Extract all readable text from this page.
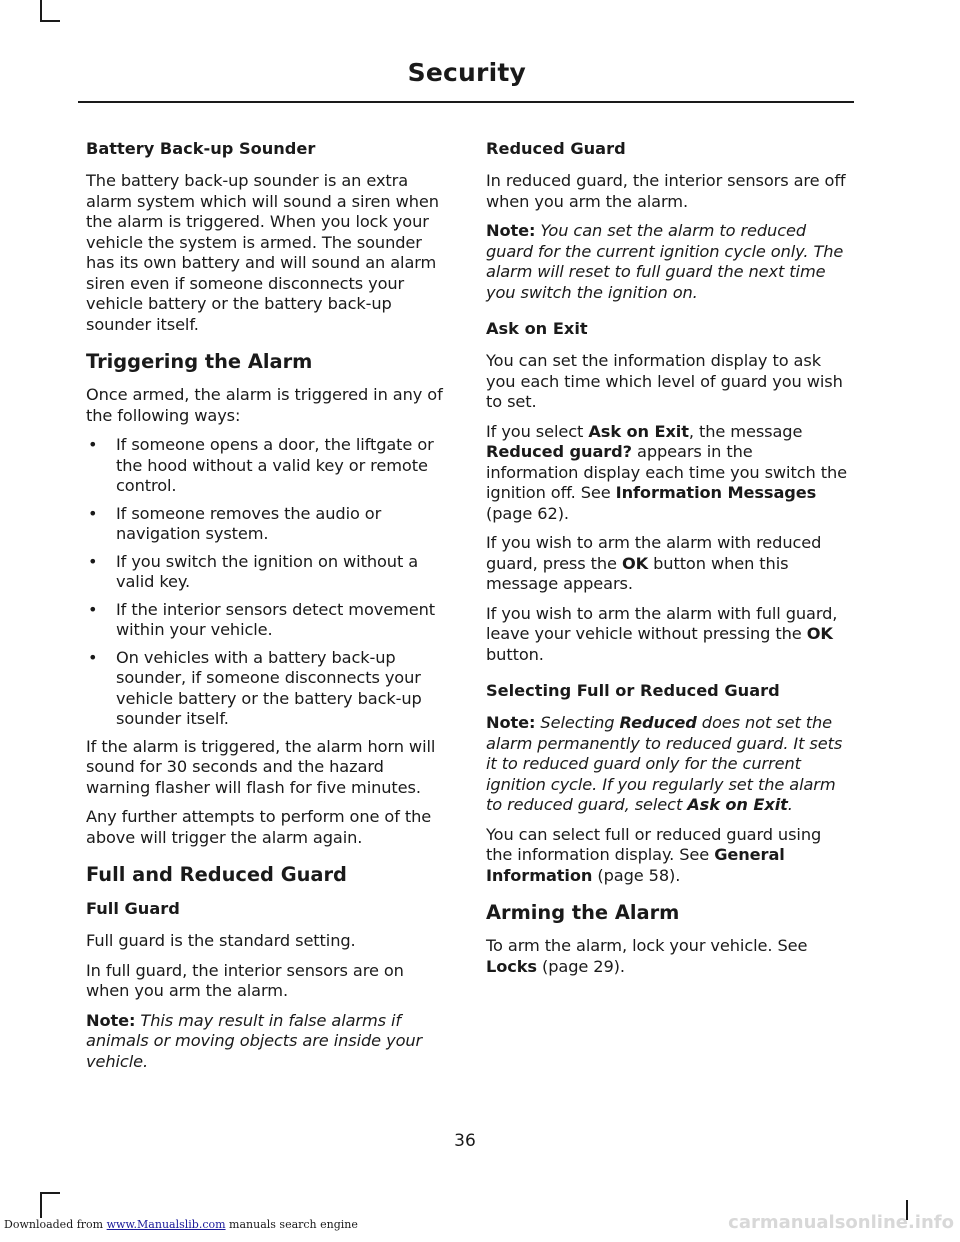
Security
Battery Back-up Sounder

The battery back-up sounder is an extra alarm system which will sound a siren when the alarm is triggered. When you lock your vehicle the system is armed. The sounder has its own battery and will sound an alarm siren even if someone disconnects your vehicle battery or the battery back-up sounder itself.

Triggering the Alarm

Once armed, the alarm is triggered in any of the following ways:

• If someone opens a door, the liftgate or the hood without a valid key or remote control.
• If someone removes the audio or navigation system.
• If you switch the ignition on without a valid key.
• If the interior sensors detect movement within your vehicle.
• On vehicles with a battery back-up sounder, if someone disconnects your vehicle battery or the battery back-up sounder itself.

If the alarm is triggered, the alarm horn will sound for 30 seconds and the hazard warning flasher will flash for five minutes.

Any further attempts to perform one of the above will trigger the alarm again.

Full and Reduced Guard
Full Guard

Full guard is the standard setting.

In full guard, the interior sensors are on when you arm the alarm.

Note: This may result in false alarms if animals or moving objects are inside your vehicle.

Reduced Guard

In reduced guard, the interior sensors are off when you arm the alarm.

Note: You can set the alarm to reduced guard for the current ignition cycle only. The alarm will reset to full guard the next time you switch the ignition on.

Ask on Exit

You can set the information display to ask you each time which level of guard you wish to set.

If you select Ask on Exit, the message Reduced guard? appears in the information display each time you switch the ignition off. See Information Messages (page 62).

If you wish to arm the alarm with reduced guard, press the OK button when this message appears.

If you wish to arm the alarm with full guard, leave your vehicle without pressing the OK
button.

Selecting Full or Reduced Guard

Note: Selecting Reduced does not set the alarm permanently to reduced guard. It sets it to reduced guard only for the current ignition cycle. If you regularly set the alarm to reduced guard, select Ask on Exit.

You can select full or reduced guard using the information display. See General Information (page 58).

Arming the Alarm

To arm the alarm, lock your vehicle. See Locks (page 29).

36
Downloaded from www.Manualslib.com manuals search engine	carmanualsonline.info
